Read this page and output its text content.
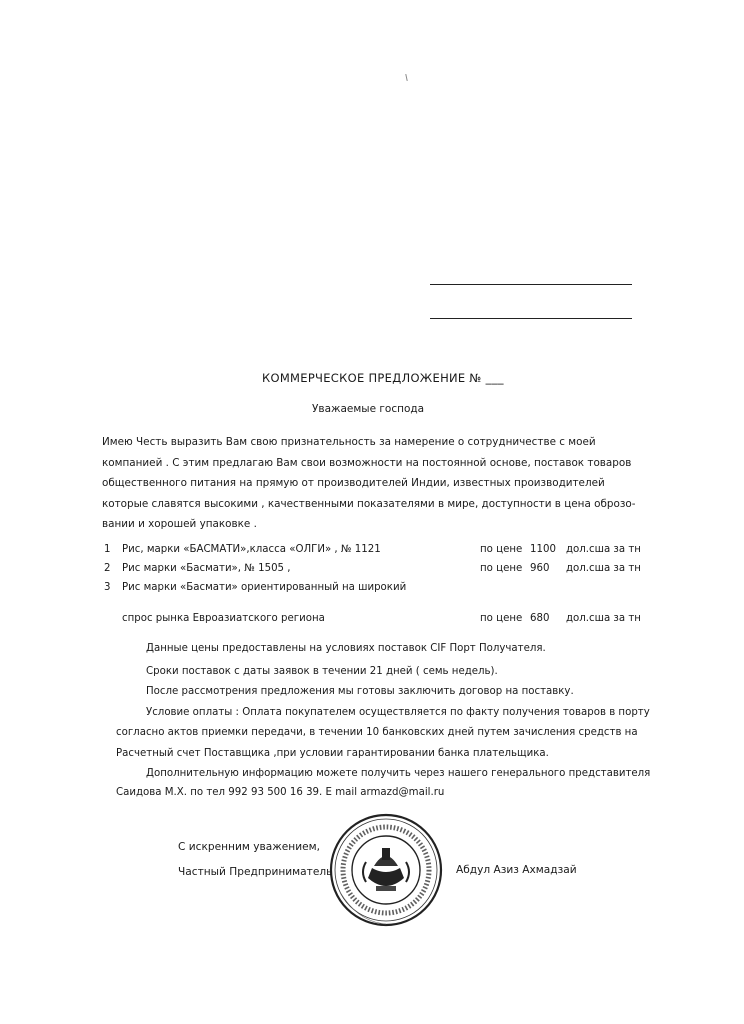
КОММЕРЧЕСКОЕ ПРЕДЛОЖЕНИЕ № ___
Уважаемые господа
Имею Честь выразить Вам свою признательность за намерение о сотрудничестве с моей
компанией . С этим предлагаю Вам свои возможности на постоянной основе, поставок товаров
общественного питания на прямую от производителей Индии, известных производителей
которые славятся высокими , качественными показателями в мире, доступности в цена оброзо-
вании и хорошей упаковке .
1 Рис, марки «БАСМАТИ»,класса «ОЛГИ» , № 1121	по цене 1100 дол.сша за тн
2 Рис марки «Басмати», № 1505 ,	по цене 960 дол.сша за тн
3 Рис марки «Басмати» ориентированный на широкий
спрос рынка Евроазиатского региона	по цене 680 дол.сша за тн
Данные цены предоставлены на условиях поставок CIF Порт Получателя.
Сроки поставок с даты заявок в течении 21 дней ( семь недель).
После рассмотрения предложения мы готовы заключить договор на поставку.
Условие оплаты : Оплата покупателем осуществляется по факту получения товаров в порту
согласно актов приемки передачи, в течении 10 банковских дней путем зачисления средств на
Расчетный счет Поставщика ,при условии гарантировании банка плательщика.
Дополнительную информацию можете получить через нашего генерального представителя
Саидова М.Х. по тел 992 93 500 16 39. E mail armazd@mail.ru
С искренним уважением,
Частный Предприниматель	Абдул Азиз Ахмадзай
